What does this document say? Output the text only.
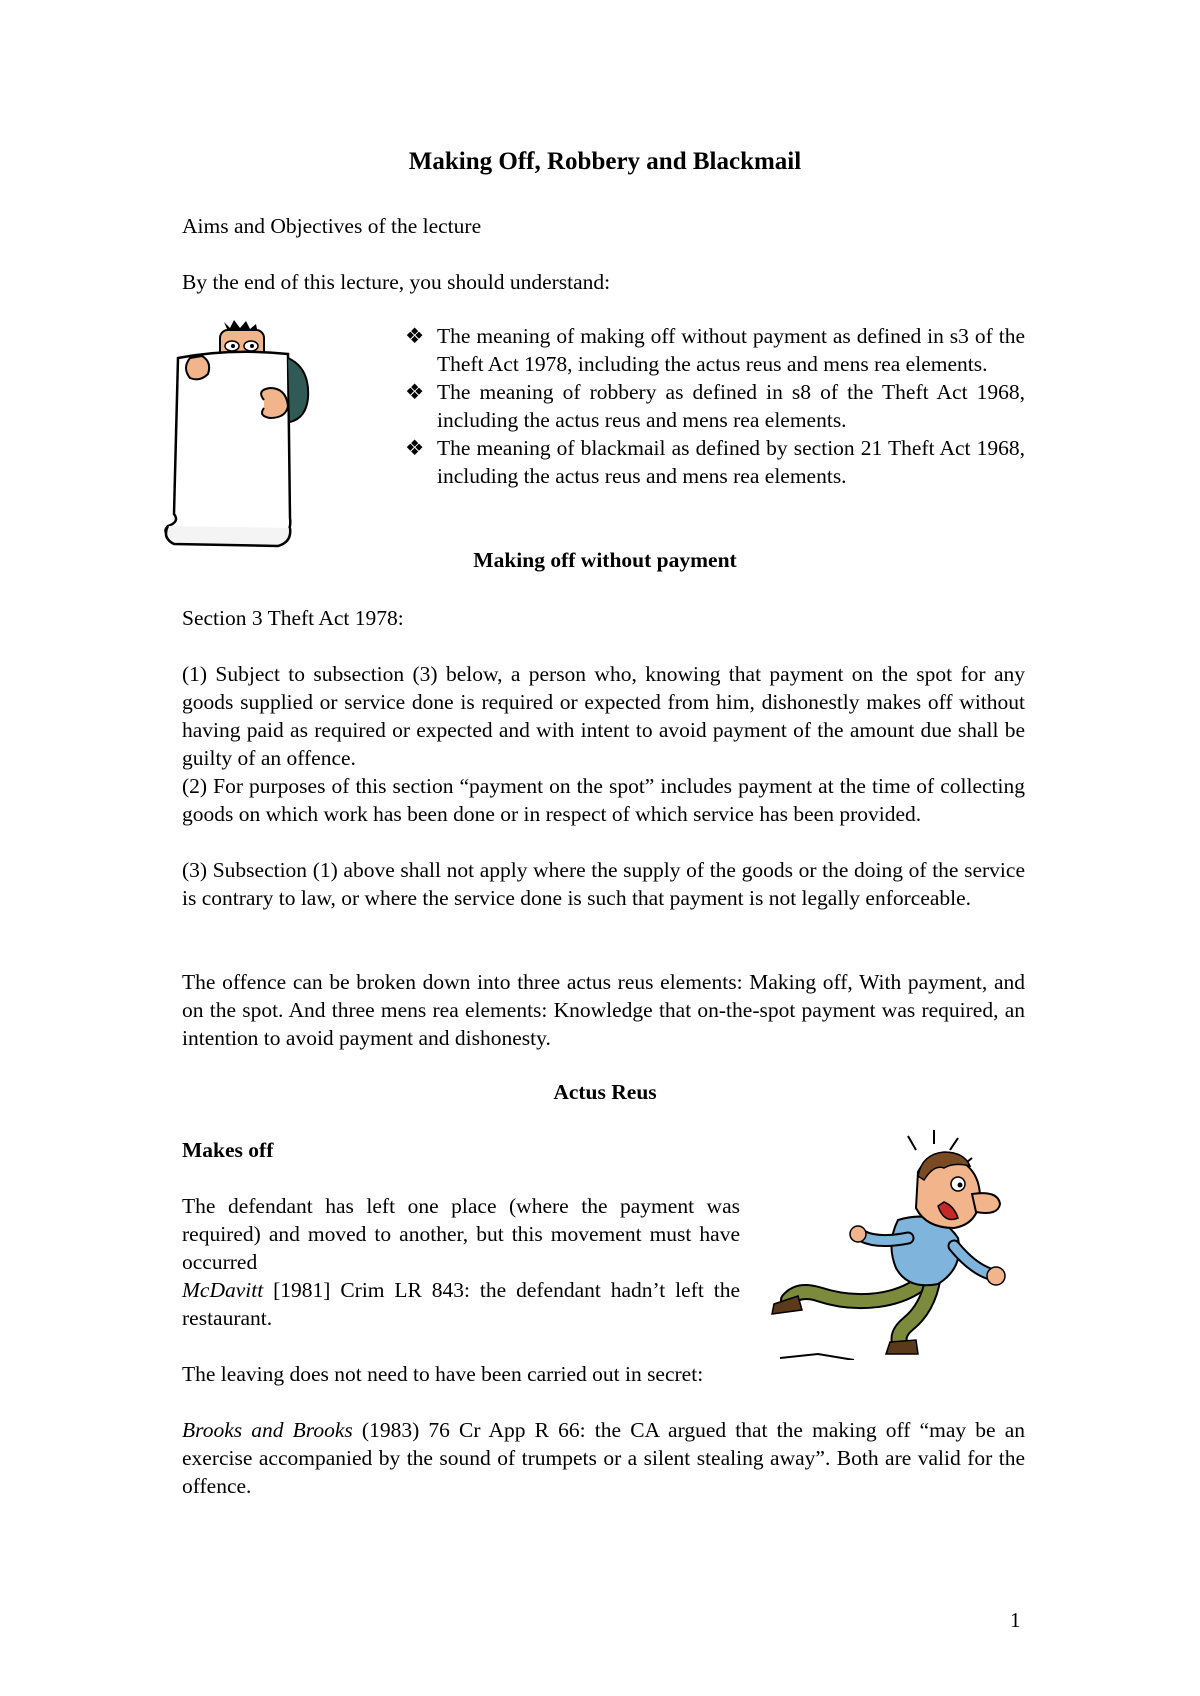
Making Off, Robbery and Blackmail
Aims and Objectives of the lecture
By the end of this lecture, you should understand:
❖ The meaning of making off without payment as defined in s3 of the Theft Act 1978, including the actus reus and mens rea elements.
❖ The meaning of robbery as defined in s8 of the Theft Act 1968, including the actus reus and mens rea elements.
❖ The meaning of blackmail as defined by section 21 Theft Act 1968, including the actus reus and mens rea elements.
Making off without payment
Section 3 Theft Act 1978:
(1) Subject to subsection (3) below, a person who, knowing that payment on the spot for any goods supplied or service done is required or expected from him, dishonestly makes off without having paid as required or expected and with intent to avoid payment of the amount due shall be guilty of an offence.
(2) For purposes of this section “payment on the spot” includes payment at the time of collecting goods on which work has been done or in respect of which service has been provided.
(3) Subsection (1) above shall not apply where the supply of the goods or the doing of the service is contrary to law, or where the service done is such that payment is not legally enforceable.
The offence can be broken down into three actus reus elements: Making off, With payment, and on the spot. And three mens rea elements: Knowledge that on-the-spot payment was required, an intention to avoid payment and dishonesty.
Actus Reus
Makes off
The defendant has left one place (where the payment was required) and moved to another, but this movement must have occurred
McDavitt [1981] Crim LR 843: the defendant hadn’t left the restaurant.
The leaving does not need to have been carried out in secret:
Brooks and Brooks (1983) 76 Cr App R 66: the CA argued that the making off “may be an exercise accompanied by the sound of trumpets or a silent stealing away”. Both are valid for the offence.
1
